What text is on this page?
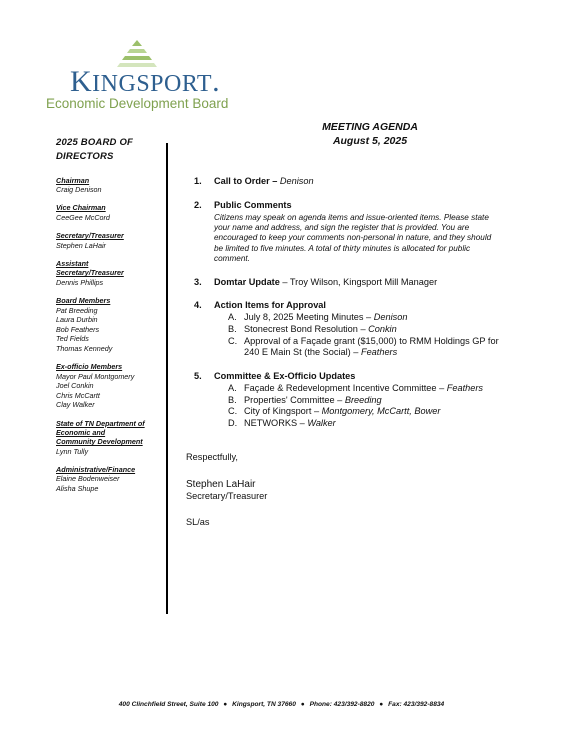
KINGSPORT.
Economic Development Board
2025 BOARD OF
DIRECTORS
Chairman
Craig Denison
Vice Chairman
CeeGee McCord
Secretary/Treasurer
Stephen LaHair
Assistant
Secretary/Treasurer
Dennis Phillips
Board Members
Pat Breeding
Laura Durbin
Bob Feathers
Ted Fields
Thomas Kennedy
Ex-officio Members
Mayor Paul Montgomery
Joel Conkin
Chris McCartt
Clay Walker
State of TN Department of
Economic and
Community Development
Lynn Tully
Administrative/Finance
Elaine Bodenweiser
Alisha Shupe
MEETING AGENDA
August 5, 2025
1. Call to Order – Denison
2. Public Comments
Citizens may speak on agenda items and issue-oriented items. Please state
your name and address, and sign the register that is provided. You are
encouraged to keep your comments non-personal in nature, and they should
be limited to five minutes. A total of thirty minutes is allocated for public
comment.
3. Domtar Update – Troy Wilson, Kingsport Mill Manager
4. Action Items for Approval
A. July 8, 2025 Meeting Minutes – Denison
B. Stonecrest Bond Resolution – Conkin
C. Approval of a Façade grant ($15,000) to RMM Holdings GP for
240 E Main St (the Social) – Feathers
5. Committee & Ex-Officio Updates
A. Façade & Redevelopment Incentive Committee – Feathers
B. Properties' Committee – Breeding
C. City of Kingsport – Montgomery, McCartt, Bower
D. NETWORKS – Walker
Respectfully,
Stephen LaHair
Secretary/Treasurer
SL/as
400 Clinchfield Street, Suite 100 ● Kingsport, TN 37660 ● Phone: 423/392-8820 ● Fax: 423/392-8834
